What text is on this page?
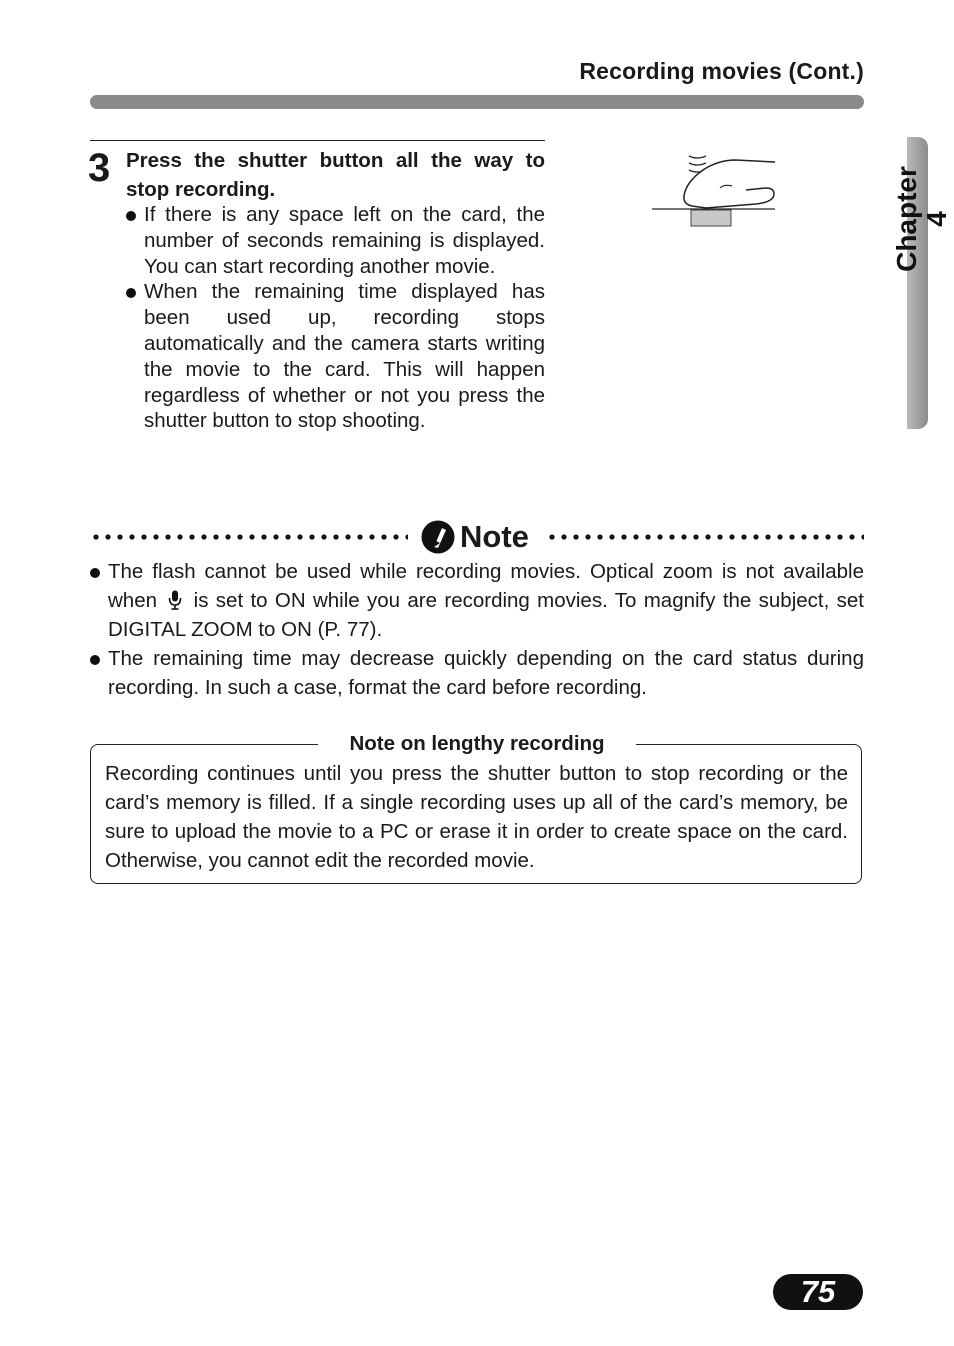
Recording movies (Cont.)
Chapter 4
3 Press the shutter button all the way to stop recording.
If there is any space left on the card, the number of seconds remaining is displayed. You can start recording another movie.
When the remaining time displayed has been used up, recording stops automatically and the camera starts writing the movie to the card. This will happen regardless of whether or not you press the shutter button to stop shooting.
Note
The flash cannot be used while recording movies. Optical zoom is not available when is set to ON while you are recording movies. To magnify the subject, set DIGITAL ZOOM to ON (P. 77).
The remaining time may decrease quickly depending on the card status during recording. In such a case, format the card before recording.
Note on lengthy recording
Recording continues until you press the shutter button to stop recording or the card’s memory is filled. If a single recording uses up all of the card’s memory, be sure to upload the movie to a PC or erase it in order to create space on the card. Otherwise, you cannot edit the recorded movie.
75
